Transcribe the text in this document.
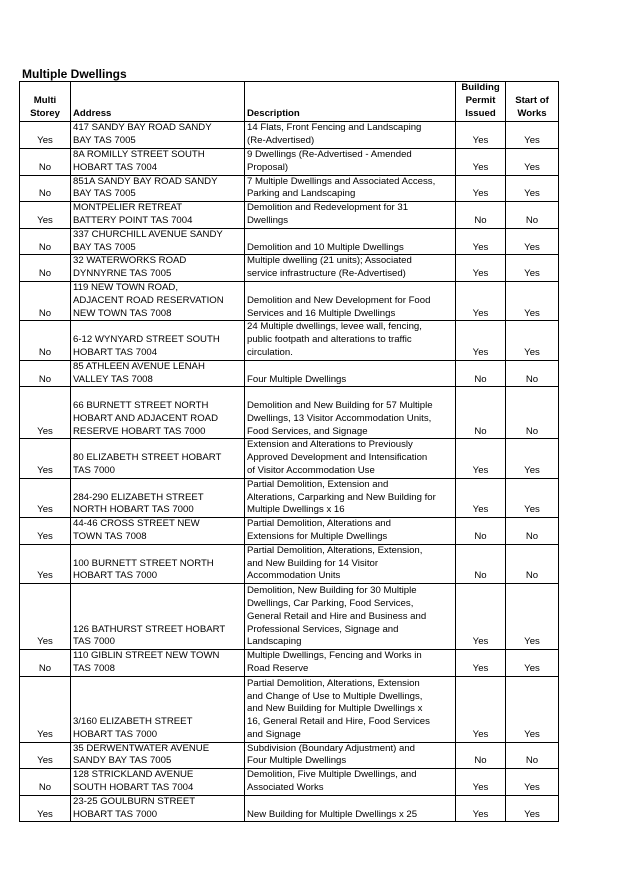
Multiple Dwellings
Multi
Storey	Address	Description	Building
Permit
Issued	Start of
Works
Yes	417 SANDY BAY ROAD SANDY
BAY TAS 7005	14 Flats, Front Fencing and Landscaping
(Re-Advertised)	Yes	Yes
No	8A ROMILLY STREET SOUTH
HOBART TAS 7004	9 Dwellings (Re-Advertised - Amended
Proposal)	Yes	Yes
No	851A SANDY BAY ROAD SANDY
BAY TAS 7005	7 Multiple Dwellings and Associated Access,
Parking and Landscaping	Yes	Yes
Yes	MONTPELIER RETREAT
BATTERY POINT TAS 7004	Demolition and Redevelopment for 31
Dwellings	No	No
No	337 CHURCHILL AVENUE SANDY
BAY TAS 7005	Demolition and 10 Multiple Dwellings	Yes	Yes
No	32 WATERWORKS ROAD
DYNNYRNE TAS 7005	Multiple dwelling (21 units); Associated
service infrastructure (Re-Advertised)	Yes	Yes
No	119 NEW TOWN ROAD,
ADJACENT ROAD RESERVATION
NEW TOWN TAS 7008	Demolition and New Development for Food
Services and 16 Multiple Dwellings	Yes	Yes
No	6-12 WYNYARD STREET SOUTH
HOBART TAS 7004	24 Multiple dwellings, levee wall, fencing,
public footpath and alterations to traffic
circulation.	Yes	Yes
No	85 ATHLEEN AVENUE LENAH
VALLEY TAS 7008	Four Multiple Dwellings	No	No
Yes	66 BURNETT STREET NORTH
HOBART AND ADJACENT ROAD
RESERVE HOBART TAS 7000	Demolition and New Building for 57 Multiple
Dwellings, 13 Visitor Accommodation Units,
Food Services, and Signage	No	No
Yes	80 ELIZABETH STREET HOBART
TAS 7000	Extension and Alterations to Previously
Approved Development and Intensification
of Visitor Accommodation Use	Yes	Yes
Yes	284-290 ELIZABETH STREET
NORTH HOBART TAS 7000	Partial Demolition, Extension and
Alterations, Carparking and New Building for
Multiple Dwellings x 16	Yes	Yes
Yes	44-46 CROSS STREET NEW
TOWN TAS 7008	Partial Demolition, Alterations and
Extensions for Multiple Dwellings	No	No
Yes	100 BURNETT STREET NORTH
HOBART TAS 7000	Partial Demolition, Alterations, Extension,
and New Building for 14 Visitor
Accommodation Units	No	No
Yes	126 BATHURST STREET HOBART
TAS 7000	Demolition, New Building for 30 Multiple
Dwellings, Car Parking, Food Services,
General Retail and Hire and Business and
Professional Services, Signage and
Landscaping	Yes	Yes
No	110 GIBLIN STREET NEW TOWN
TAS 7008	Multiple Dwellings, Fencing and Works in
Road Reserve	Yes	Yes
Yes	3/160 ELIZABETH STREET
HOBART TAS 7000	Partial Demolition, Alterations, Extension
and Change of Use to Multiple Dwellings,
and New Building for Multiple Dwellings x
16, General Retail and Hire, Food Services
and Signage	Yes	Yes
Yes	35 DERWENTWATER AVENUE
SANDY BAY TAS 7005	Subdivision (Boundary Adjustment) and
Four Multiple Dwellings	No	No
No	128 STRICKLAND AVENUE
SOUTH HOBART TAS 7004	Demolition, Five Multiple Dwellings, and
Associated Works	Yes	Yes
Yes	23-25 GOULBURN STREET
HOBART TAS 7000	New Building for Multiple Dwellings x 25	Yes	Yes
